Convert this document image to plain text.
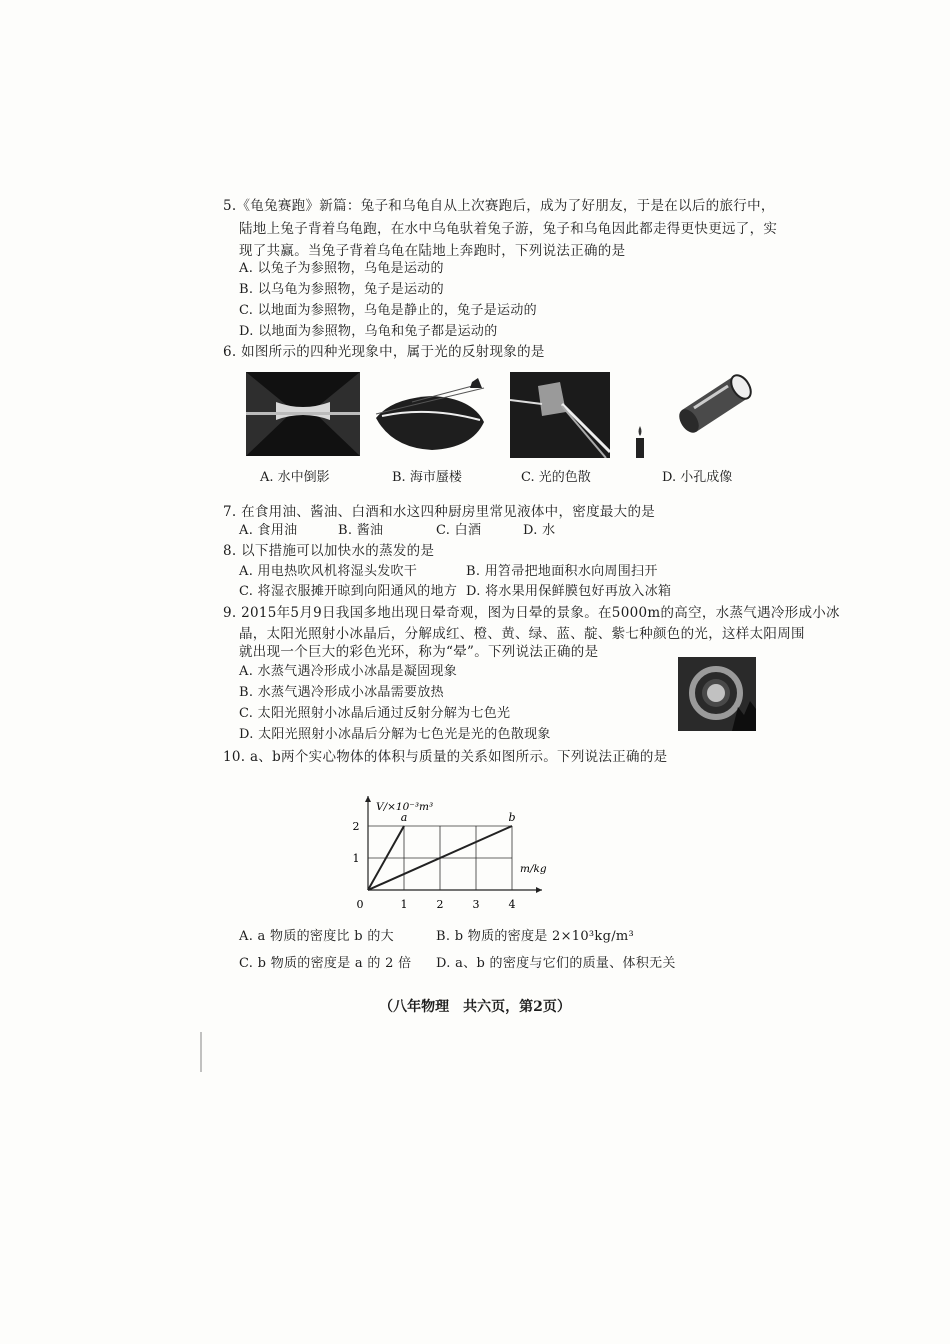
5.《龟兔赛跑》新篇：兔子和乌龟自从上次赛跑后，成为了好朋友，于是在以后的旅行中，
陆地上兔子背着乌龟跑，在水中乌龟驮着兔子游，兔子和乌龟因此都走得更快更远了，实
现了共赢。当兔子背着乌龟在陆地上奔跑时，下列说法正确的是
A. 以兔子为参照物，乌龟是运动的
B. 以乌龟为参照物，兔子是运动的
C. 以地面为参照物，乌龟是静止的，兔子是运动的
D. 以地面为参照物，乌龟和兔子都是运动的
6. 如图所示的四种光现象中，属于光的反射现象的是
A. 水中倒影	B. 海市蜃楼	C. 光的色散	D. 小孔成像
7. 在食用油、酱油、白酒和水这四种厨房里常见液体中，密度最大的是
A. 食用油	B. 酱油	C. 白酒	D. 水
8. 以下措施可以加快水的蒸发的是
A. 用电热吹风机将湿头发吹干	B. 用笤帚把地面积水向周围扫开
C. 将湿衣服摊开晾到向阳通风的地方 D. 将水果用保鲜膜包好再放入冰箱
9. 2015年5月9日我国多地出现日晕奇观，图为日晕的景象。在5000m的高空，水蒸气遇冷形成小冰
晶，太阳光照射小冰晶后，分解成红、橙、黄、绿、蓝、靛、紫七种颜色的光，这样太阳周围
就出现一个巨大的彩色光环，称为“晕”。下列说法正确的是
A. 水蒸气遇冷形成小冰晶是凝固现象
B. 水蒸气遇冷形成小冰晶需要放热
C. 太阳光照射小冰晶后通过反射分解为七色光
D. 太阳光照射小冰晶后分解为七色光是光的色散现象
10. a、b两个实心物体的体积与质量的关系如图所示。下列说法正确的是
0	1	2	3	4
1
2
V/×10⁻³m³
m/kg
a	b
A. a 物质的密度比 b 的大	B. b 物质的密度是 2×10³kg/m³
C. b 物质的密度是 a 的 2 倍 D. a、b 的密度与它们的质量、体积无关
（八年物理　共六页，第2页）
